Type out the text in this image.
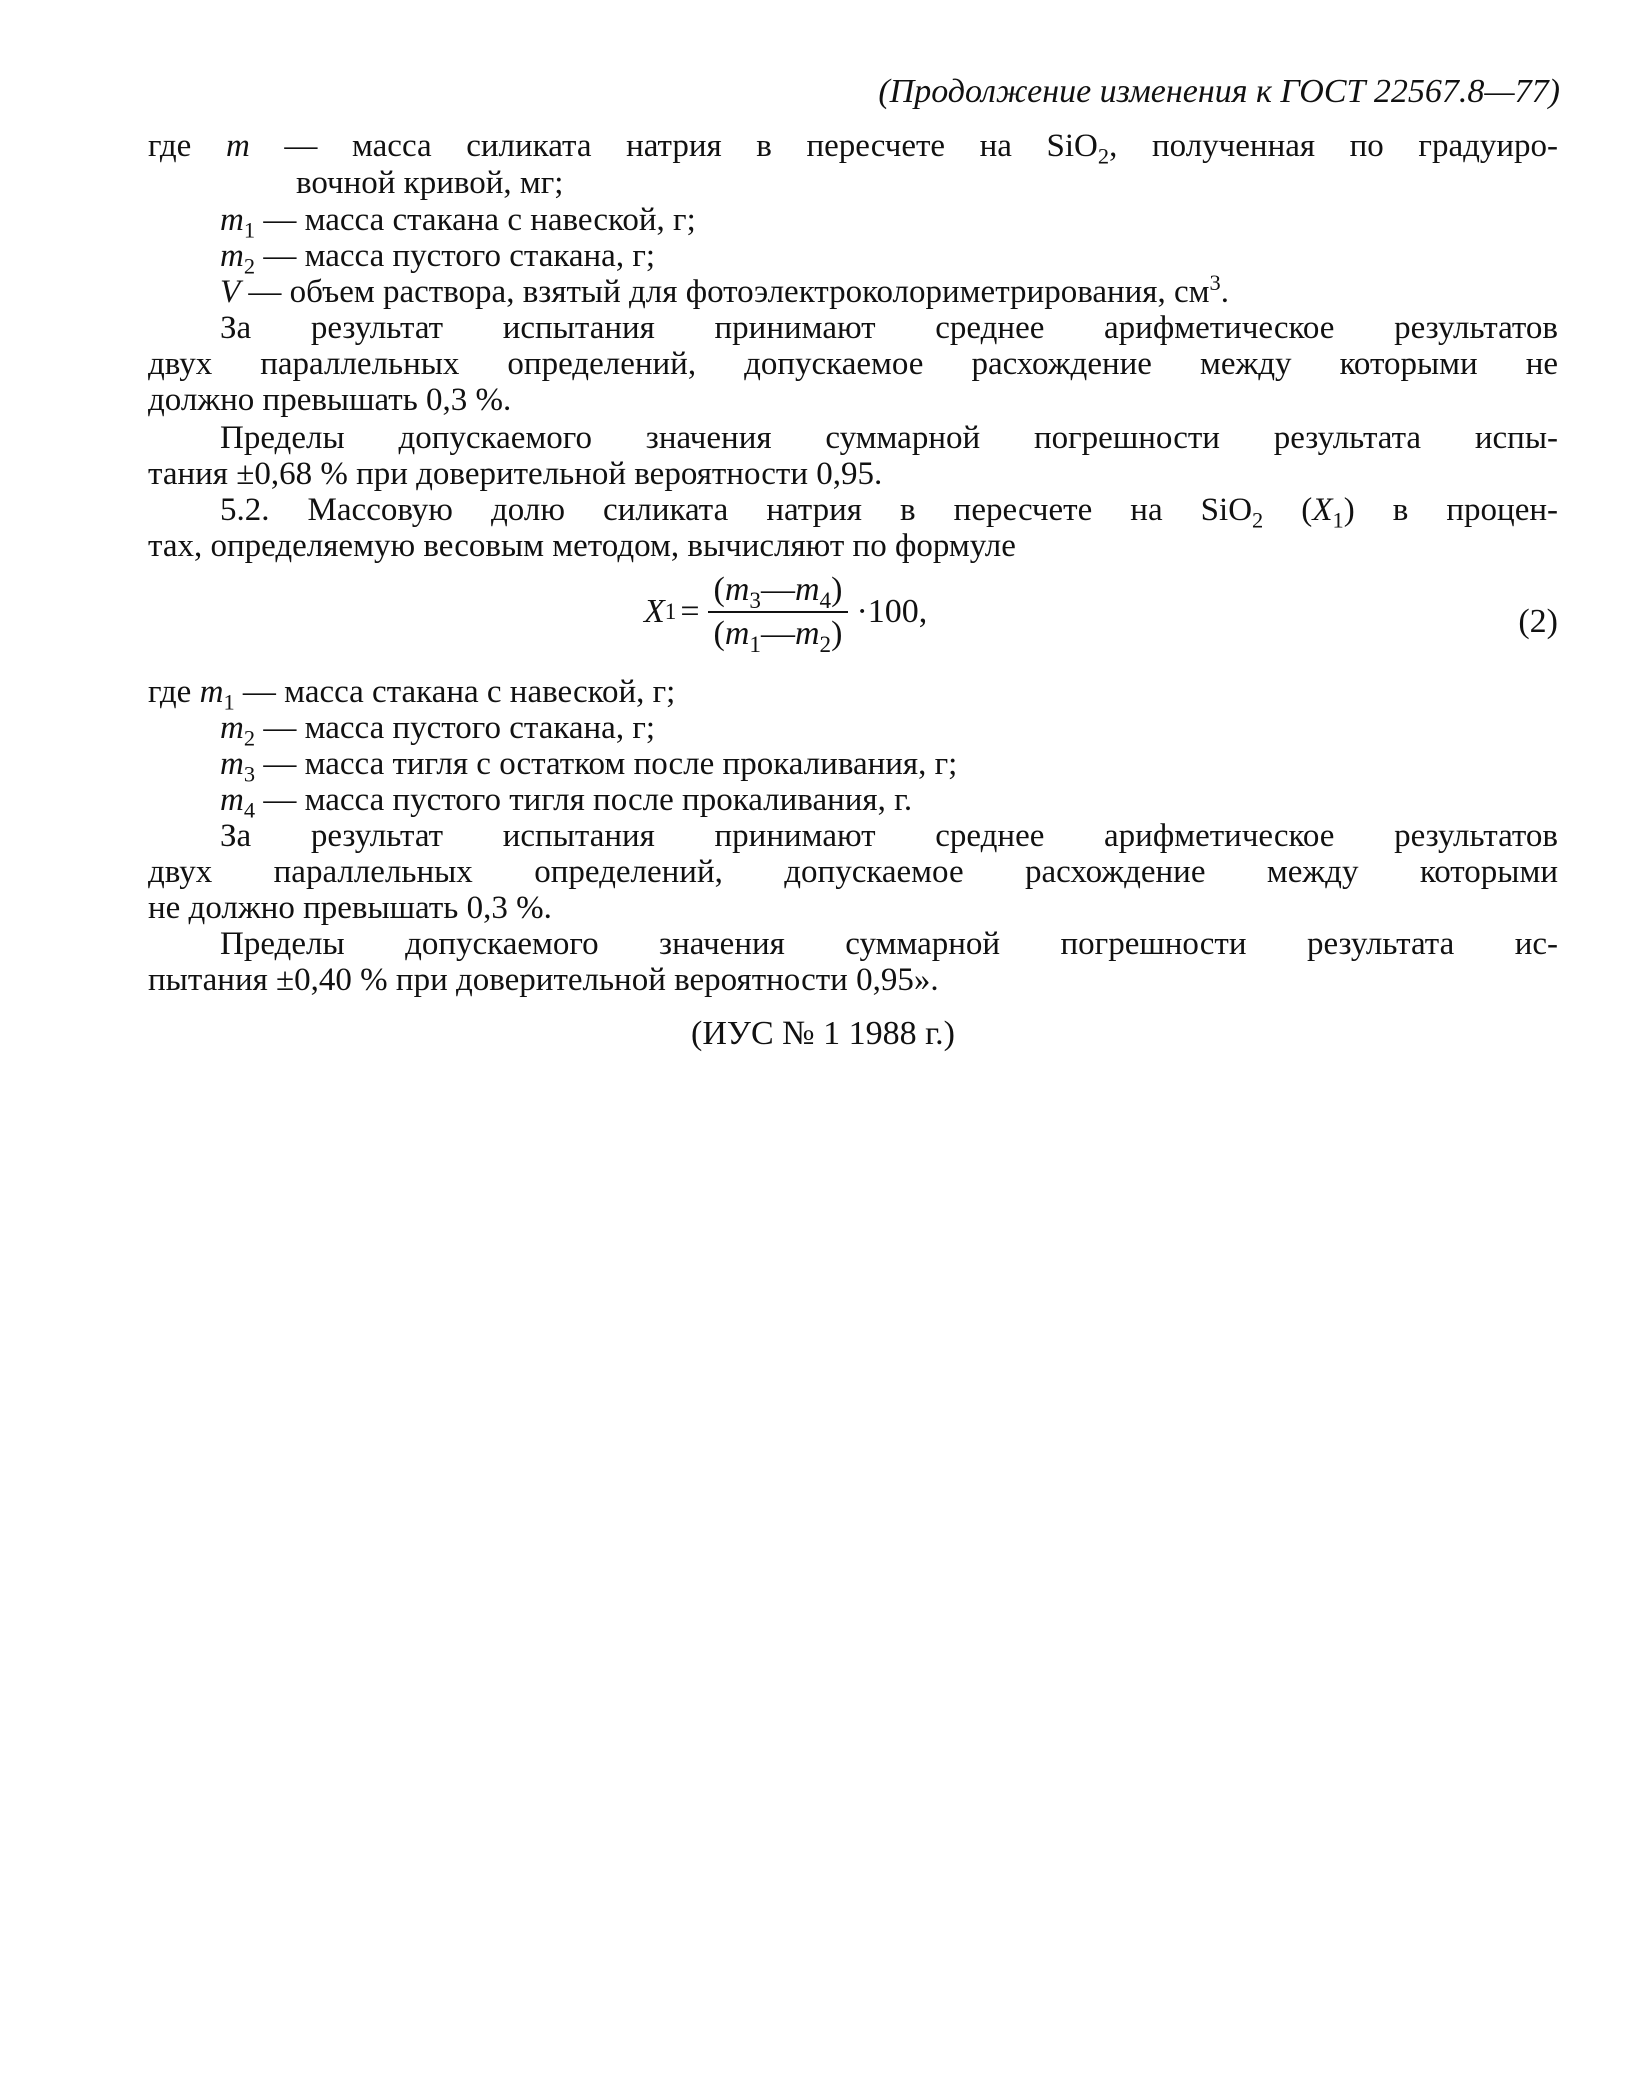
(Продолжение изменения к ГОСТ 22567.8—77)
где m — масса силиката натрия в пересчете на SiO$_2$, полученная по градуиро-
вочной кривой, мг;
$m_1$ — масса стакана с навеской, г;
$m_2$ — масса пустого стакана, г;
V — объем раствора, взятый для фотоэлектроколориметрирования, $см^3$.
За результат испытания принимают среднее арифметическое результатов
двух параллельных определений, допускаемое расхождение между которыми не
должно превышать 0,3 %.
Пределы допускаемого значения суммарной погрешности результата испы-
тания ±0,68 % при доверительной вероятности 0,95.
5.2. Массовую долю силиката натрия в пересчете на SiO$_2$ $(X_1)$ в процен-
тах, определяемую весовым методом, вычисляют по формуле
X $1 = \frac{(m_3—m_4)}{(m_1—m_2)} \cdot 100$,	(2)
где $m_1$ — масса стакана с навеской, г;
$m_2$ — масса пустого стакана, г;
$m_3$ — масса тигля с остатком после прокаливания, г;
$m_4$ — масса пустого тигля после прокаливания, г.
За результат испытания принимают среднее арифметическое результатов
двух параллельных определений, допускаемое расхождение между которыми
не должно превышать 0,3 %.
Пределы допускаемого значения суммарной погрешности результата ис-
пытания ±0,40 % при доверительной вероятности 0,95».
(ИУС № 1 1988 г.)
